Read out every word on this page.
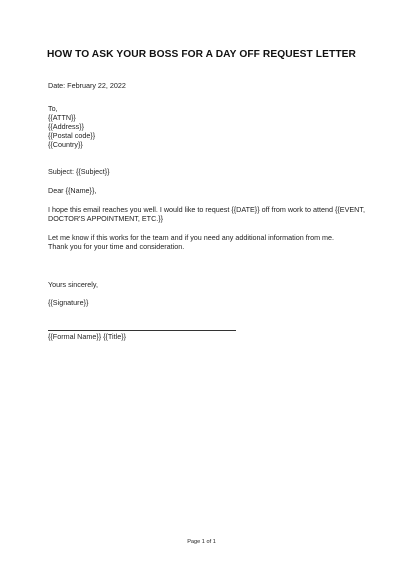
HOW TO ASK YOUR BOSS FOR A DAY OFF REQUEST LETTER
Date: February 22, 2022
To,
{{ATTN}}
{{Address}}
{{Postal code}}
{{Country}}
Subject: {{Subject}}
Dear {{Name}},
I hope this email reaches you well. I would like to request {{DATE}} off from work to attend {{EVENT,
DOCTOR'S APPOINTMENT, ETC.}}
Let me know if this works for the team and if you need any additional information from me.
Thank you for your time and consideration.
Yours sincerely,
{{Signature}}
{{Formal Name}} {{Title}}
Page 1 of 1
